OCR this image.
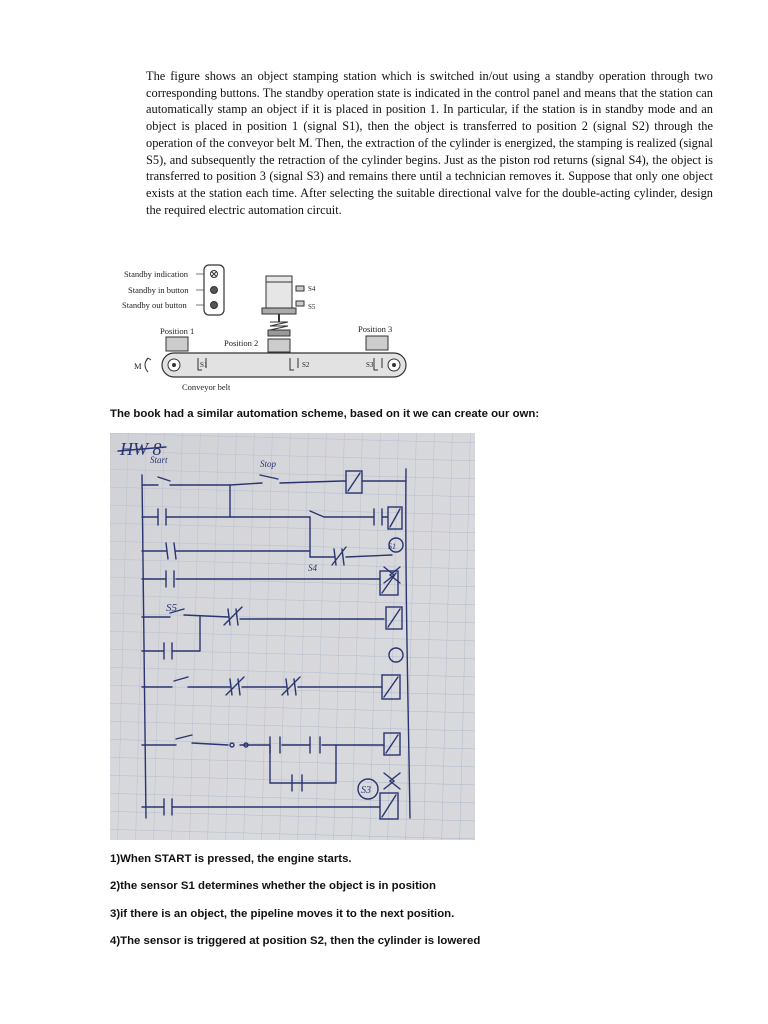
The figure shows an object stamping station which is switched in/out using a standby operation through two corresponding buttons. The standby operation state is indicated in the control panel and means that the station can automatically stamp an object if it is placed in position 1. In particular, if the station is in standby mode and an object is placed in position 1 (signal S1), then the object is transferred to position 2 (signal S2) through the operation of the conveyor belt M. Then, the extraction of the cylinder is energized, the stamping is realized (signal S5), and subsequently the retraction of the cylinder begins. Just as the piston rod returns (signal S4), the object is transferred to position 3 (signal S3) and remains there until a technician removes it. Suppose that only one object exists at the station each time. After selecting the suitable directional valve for the double-acting cylinder, design the required electric automation circuit.

Standby indication
Standby in button
Standby out button
S4
S5
Position 1
Position 2
Position 3
S1	S2	S3
M
Conveyor belt

The book had a similar automation scheme, based on it we can create our own:

HW 8
Start	Stop
S5
S4
S1
S3

1)When START is pressed, the engine starts.

2)the sensor S1 determines whether the object is in position

3)if there is an object, the pipeline moves it to the next position.

4)The sensor is triggered at position S2, then the cylinder is lowered
